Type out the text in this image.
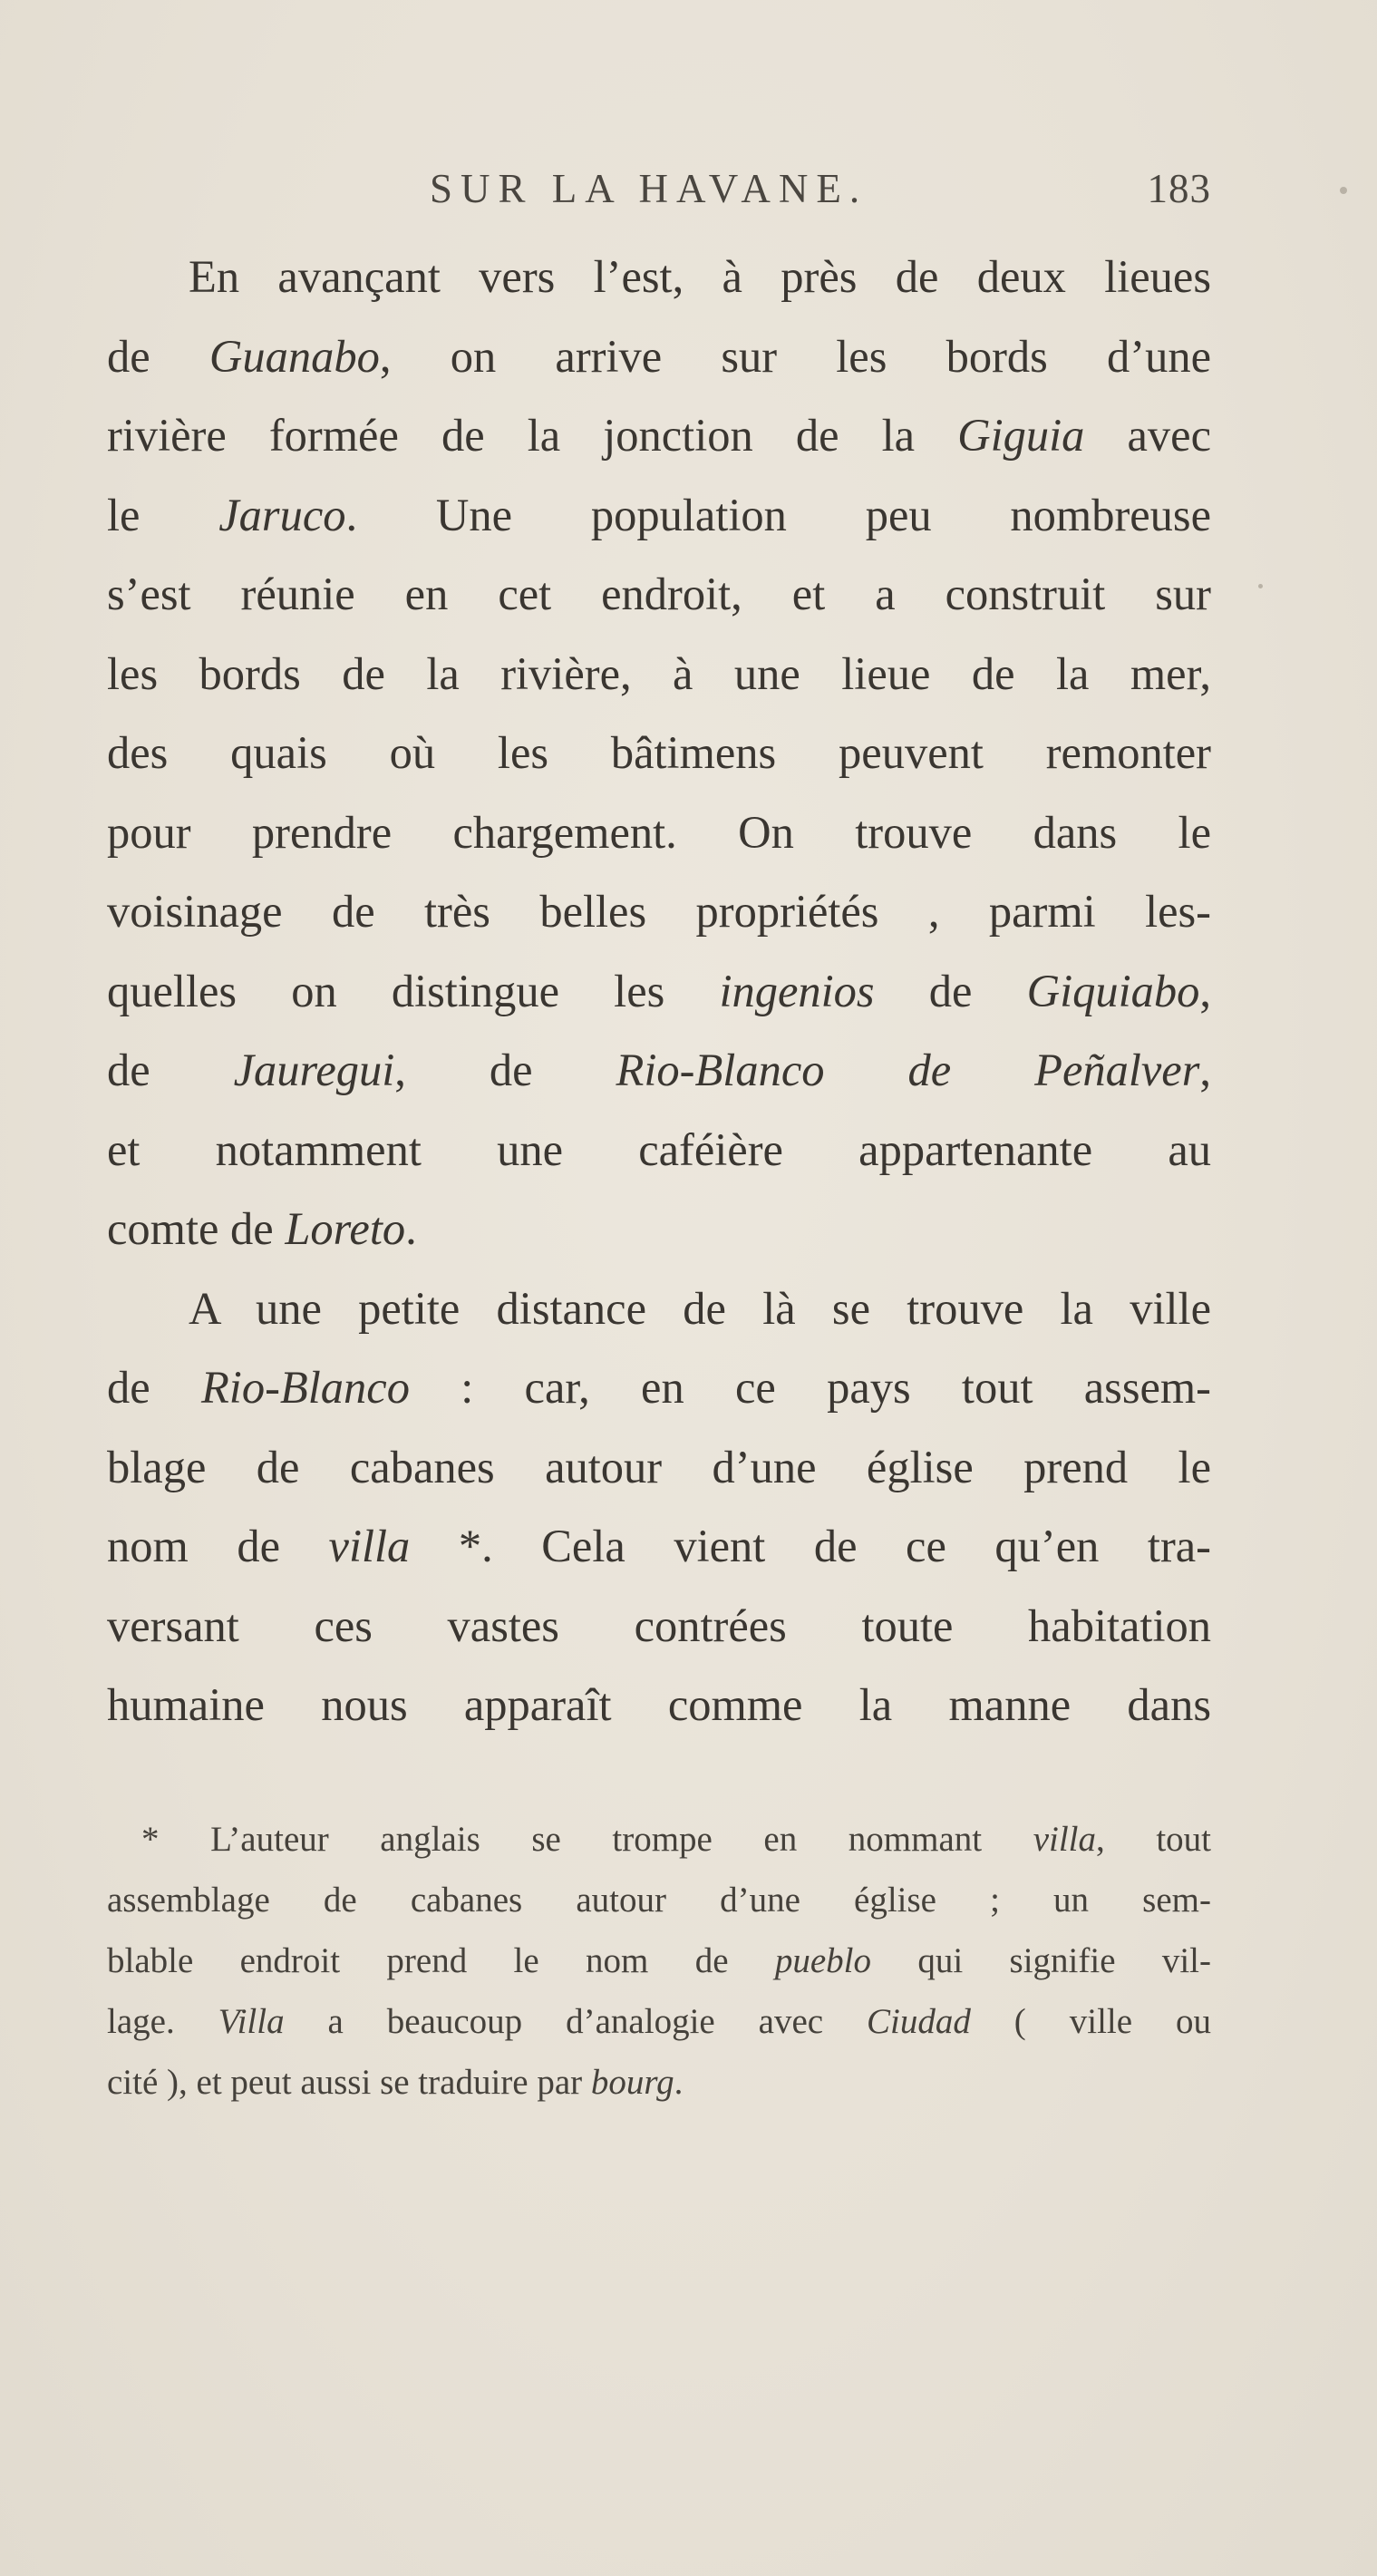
SUR LA HAVANE.	183
En avançant vers l’est, à près de deux lieues
de Guanabo, on arrive sur les bords d’une
rivière formée de la jonction de la Giguia avec
le Jaruco. Une population peu nombreuse
s’est réunie en cet endroit, et a construit sur
les bords de la rivière, à une lieue de la mer,
des quais où les bâtimens peuvent remonter
pour prendre chargement. On trouve dans le
voisinage de très belles propriétés , parmi les-
quelles on distingue les ingenios de Giquiabo,
de Jauregui, de Rio-Blanco de Peñalver,
et notamment une caféière appartenante au
comte de Loreto.
A une petite distance de là se trouve la ville
de Rio-Blanco : car, en ce pays tout assem-
blage de cabanes autour d’une église prend le
nom de villa *. Cela vient de ce qu’en tra-
versant ces vastes contrées toute habitation
humaine nous apparaît comme la manne dans
* L’auteur anglais se trompe en nommant villa, tout
assemblage de cabanes autour d’une église ; un sem-
blable endroit prend le nom de pueblo qui signifie vil-
lage. Villa a beaucoup d’analogie avec Ciudad ( ville ou
cité ), et peut aussi se traduire par bourg.
